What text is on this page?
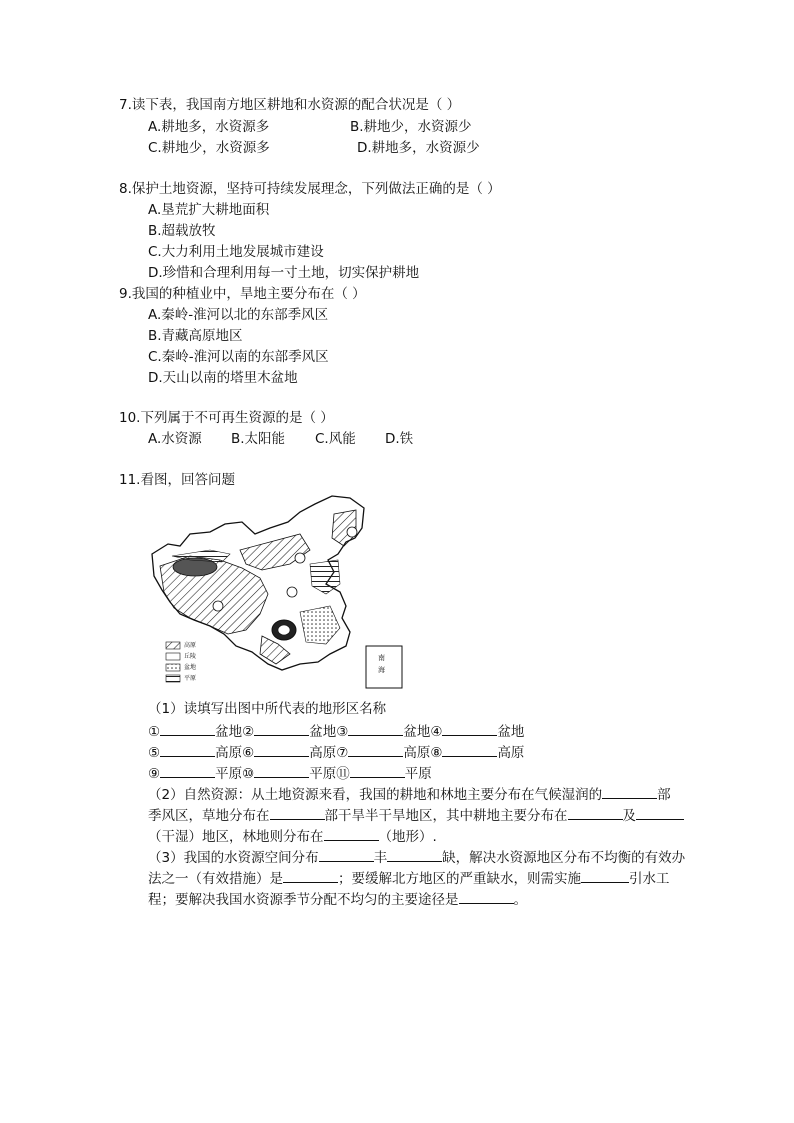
7.读下表，我国南方地区耕地和水资源的配合状况是（ ）
A.耕地多，水资源多	B.耕地少，水资源少
C.耕地少，水资源多	D.耕地多，水资源少
8.保护土地资源，坚持可持续发展理念，下列做法正确的是（ ）
A.垦荒扩大耕地面积
B.超载放牧
C.大力利用土地发展城市建设
D.珍惜和合理利用每一寸土地，切实保护耕地
9.我国的种植业中，旱地主要分布在（ ）
A.秦岭-淮河以北的东部季风区
B.青藏高原地区
C.秦岭-淮河以南的东部季风区
D.天山以南的塔里木盆地
10.下列属于不可再生资源的是（ ）
A.水资源 B.太阳能 C.风能 D.铁
11.看图，回答问题
南
海
高原
丘陵
盆地
平原
（1）读填写出图中所代表的地形区名称
①	盆地②	盆地③	盆地④	盆地
⑤	高原⑥	高原⑦	高原⑧	高原
⑨	平原⑩	平原⑪	平原
（2）自然资源：从土地资源来看，我国的耕地和林地主要分布在气候湿润的	部
季风区，草地分布在	部干旱半干旱地区，其中耕地主要分布在	及
（干湿）地区，林地则分布在	（地形）.
（3）我国的水资源空间分布	丰	缺，解决水资源地区分布不均衡的有效办
法之一（有效措施）是	；要缓解北方地区的严重缺水，则需实施	引水工
程；要解决我国水资源季节分配不均匀的主要途径是	。
